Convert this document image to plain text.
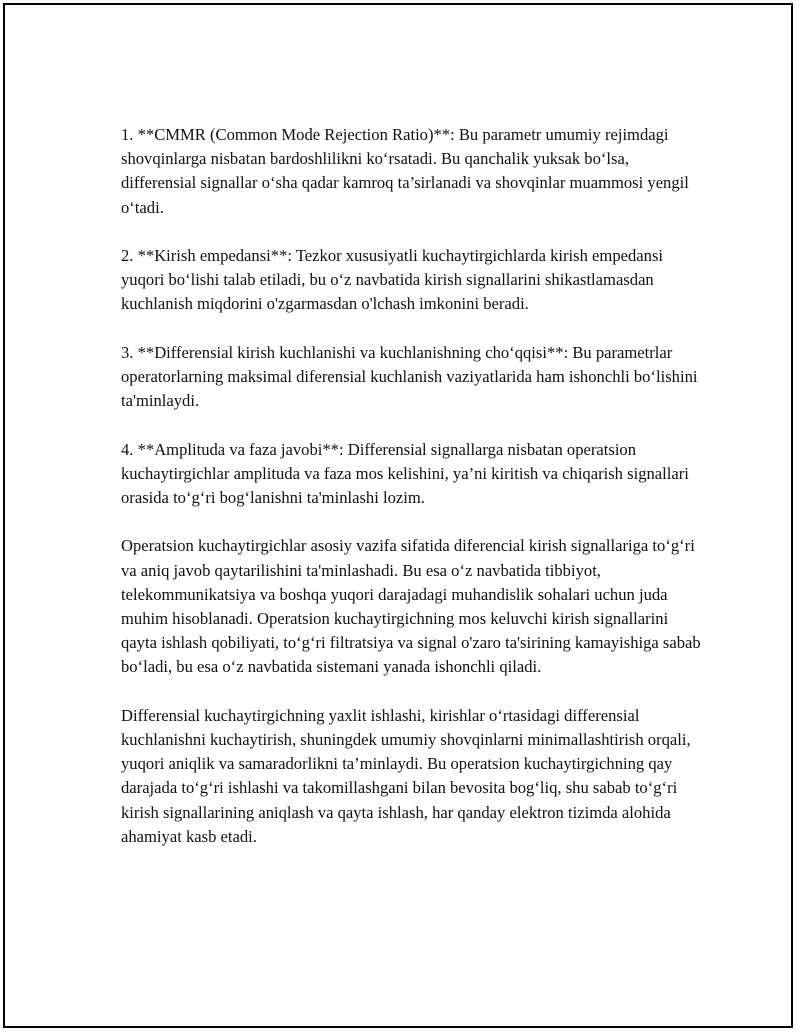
1. **CMMR (Common Mode Rejection Ratio)**: Bu parametr umumiy rejimdagi shovqinlarga nisbatan bardoshlilikni ko‘rsatadi. Bu qanchalik yuksak bo‘lsa, differensial signallar o‘sha qadar kamroq ta’sirlanadi va shovqinlar muammosi yengil o‘tadi.

2. **Kirish empedansi**: Tezkor xususiyatli kuchaytirgichlarda kirish empedansi yuqori bo‘lishi talab etiladi, bu o‘z navbatida kirish signallarini shikastlamasdan kuchlanish miqdorini o'zgarmasdan o'lchash imkonini beradi.

3. **Differensial kirish kuchlanishi va kuchlanishning cho‘qqisi**: Bu parametrlar operatorlarning maksimal diferensial kuchlanish vaziyatlarida ham ishonchli bo‘lishini ta'minlaydi.

4. **Amplituda va faza javobi**: Differensial signallarga nisbatan operatsion kuchaytirgichlar amplituda va faza mos kelishini, ya’ni kiritish va chiqarish signallari orasida to‘g‘ri bog‘lanishni ta'minlashi lozim.

Operatsion kuchaytirgichlar asosiy vazifa sifatida diferencial kirish signallariga to‘g‘ri va aniq javob qaytarilishini ta'minlashadi. Bu esa o‘z navbatida tibbiyot, telekommunikatsiya va boshqa yuqori darajadagi muhandislik sohalari uchun juda muhim hisoblanadi. Operatsion kuchaytirgichning mos keluvchi kirish signallarini qayta ishlash qobiliyati, to‘g‘ri filtratsiya va signal o'zaro ta'sirining kamayishiga sabab bo‘ladi, bu esa o‘z navbatida sistemani yanada ishonchli qiladi.

Differensial kuchaytirgichning yaxlit ishlashi, kirishlar o‘rtasidagi differensial kuchlanishni kuchaytirish, shuningdek umumiy shovqinlarni minimallashtirish orqali, yuqori aniqlik va samaradorlikni ta’minlaydi. Bu operatsion kuchaytirgichning qay darajada to‘g‘ri ishlashi va takomillashgani bilan bevosita bog‘liq, shu sabab to‘g‘ri kirish signallarining aniqlash va qayta ishlash, har qanday elektron tizimda alohida ahamiyat kasb etadi.
